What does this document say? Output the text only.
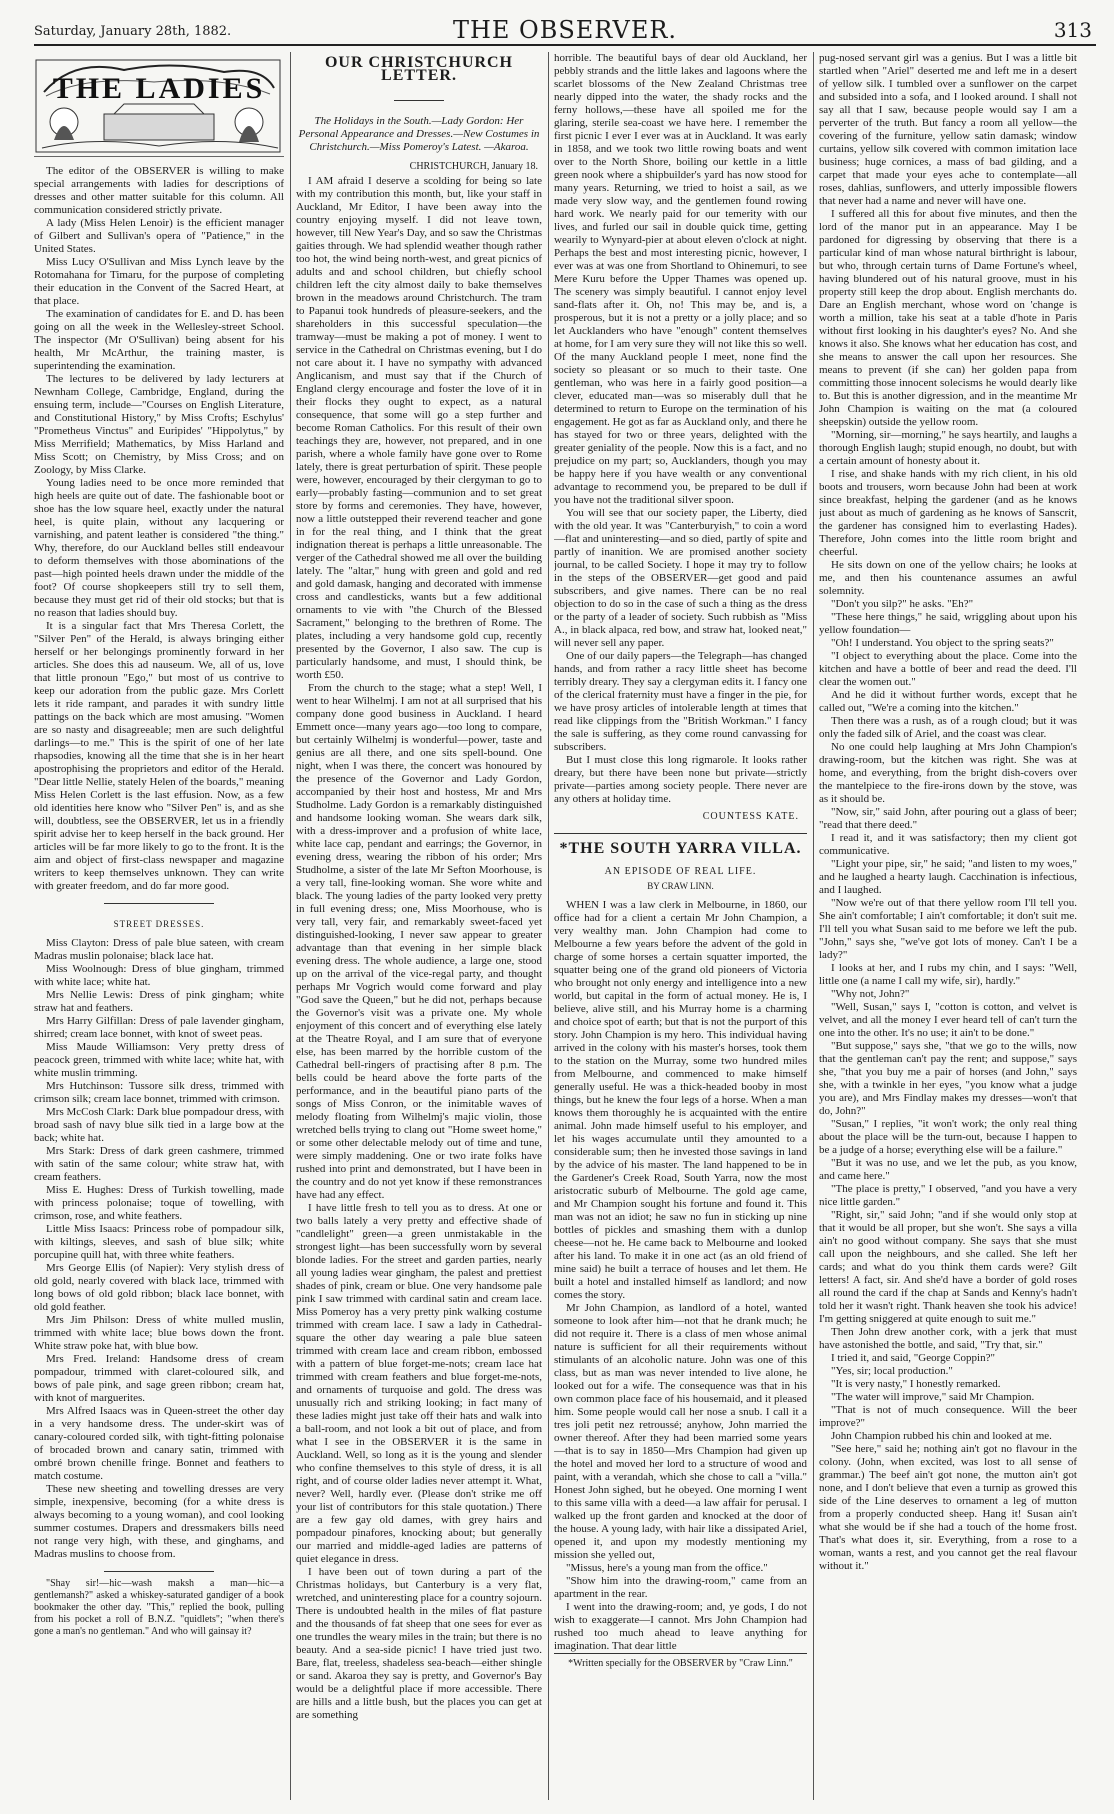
Saturday, January 28th, 1882.	THE OBSERVER.	313
THE LADIES

The editor of the OBSERVER is willing to make special arrangements with ladies for descriptions of dresses and other matter suitable for this column. All communication considered strictly private.

A lady (Miss Helen Lenoir) is the efficient manager of Gilbert and Sullivan's opera of "Patience," in the United States.

Miss Lucy O'Sullivan and Miss Lynch leave by the Rotomahana for Timaru, for the purpose of completing their education in the Convent of the Sacred Heart, at that place.

The examination of candidates for E. and D. has been going on all the week in the Wellesley-street School. The inspector (Mr O'Sullivan) being absent for his health, Mr McArthur, the training master, is superintending the examination.

The lectures to be delivered by lady lecturers at Newnham College, Cambridge, England, during the ensuing term, include—"Courses on English Literature, and Constitutional History," by Miss Crofts; Eschylus' "Prometheus Vinctus" and Euripides' "Hippolytus," by Miss Merrifield; Mathematics, by Miss Harland and Miss Scott; on Chemistry, by Miss Cross; and on Zoology, by Miss Clarke.

Young ladies need to be once more reminded that high heels are quite out of date. The fashionable boot or shoe has the low square heel, exactly under the natural heel, is quite plain, without any lacquering or varnishing, and patent leather is considered "the thing." Why, therefore, do our Auckland belles still endeavour to deform themselves with those abominations of the past—high pointed heels drawn under the middle of the foot? Of course shopkeepers still try to sell them, because they must get rid of their old stocks; but that is no reason that ladies should buy.

It is a singular fact that Mrs Theresa Corlett, the "Silver Pen" of the Herald, is always bringing either herself or her belongings prominently forward in her articles. She does this ad nauseum. We, all of us, love that little pronoun "Ego," but most of us contrive to keep our adoration from the public gaze. Mrs Corlett lets it ride rampant, and parades it with sundry little pattings on the back which are most amusing. "Women are so nasty and disagreeable; men are such delightful darlings—to me." This is the spirit of one of her late rhapsodies, knowing all the time that she is in her heart apostrophising the proprietors and editor of the Herald. "Dear little Nellie, stately Helen of the boards," meaning Miss Helen Corlett is the last effusion. Now, as a few old identities here know who "Silver Pen" is, and as she will, doubtless, see the OBSERVER, let us in a friendly spirit advise her to keep herself in the back ground. Her articles will be far more likely to go to the front. It is the aim and object of first-class newspaper and magazine writers to keep themselves unknown. They can write with greater freedom, and do far more good.

STREET DRESSES.

Miss Clayton: Dress of pale blue sateen, with cream Madras muslin polonaise; black lace hat.

Miss Woolnough: Dress of blue gingham, trimmed with white lace; white hat.

Mrs Nellie Lewis: Dress of pink gingham; white straw hat and feathers.

Mrs Harry Gilfillan: Dress of pale lavender gingham, shirred; cream lace bonnet, with knot of sweet peas.

Miss Maude Williamson: Very pretty dress of peacock green, trimmed with white lace; white hat, with white muslin trimming.

Mrs Hutchinson: Tussore silk dress, trimmed with crimson silk; cream lace bonnet, trimmed with crimson.

Mrs McCosh Clark: Dark blue pompadour dress, with broad sash of navy blue silk tied in a large bow at the back; white hat.

Mrs Stark: Dress of dark green cashmere, trimmed with satin of the same colour; white straw hat, with cream feathers.

Miss E. Hughes: Dress of Turkish towelling, made with princess polonaise; toque of towelling, with crimson, rose, and white feathers.

Little Miss Isaacs: Princess robe of pompadour silk, with kiltings, sleeves, and sash of blue silk; white porcupine quill hat, with three white feathers.

Mrs George Ellis (of Napier): Very stylish dress of old gold, nearly covered with black lace, trimmed with long bows of old gold ribbon; black lace bonnet, with old gold feather.

Mrs Jim Philson: Dress of white mulled muslin, trimmed with white lace; blue bows down the front. White straw poke hat, with blue bow.

Mrs Fred. Ireland: Handsome dress of cream pompadour, trimmed with claret-coloured silk, and bows of pale pink, and sage green ribbon; cream hat, with knot of marguerites.

Mrs Alfred Isaacs was in Queen-street the other day in a very handsome dress. The under-skirt was of canary-coloured corded silk, with tight-fitting polonaise of brocaded brown and canary satin, trimmed with ombré brown chenille fringe. Bonnet and feathers to match costume.

These new sheeting and towelling dresses are very simple, inexpensive, becoming (for a white dress is always becoming to a young woman), and cool looking summer costumes. Drapers and dressmakers bills need not range very high, with these, and ginghams, and Madras muslins to choose from.

"Shay sir!—hic—wash maksh a man—hic—a gentlemansh?" asked a whiskey-saturated gandiger of a book bookmaker the other day. "This," replied the book, pulling from his pocket a roll of B.N.Z. "quidlets"; "when there's gone a man's no gentleman." And who will gainsay it?

OUR CHRISTCHURCH LETTER.
The Holidays in the South.—Lady Gordon: Her Personal Appearance and Dresses.—New Costumes in Christchurch.—Miss Pomeroy's Latest. —Akaroa.
CHRISTCHURCH, January 18.

I AM afraid I deserve a scolding for being so late with my contribution this month, but, like your staff in Auckland, Mr Editor, I have been away into the country enjoying myself. I did not leave town, however, till New Year's Day, and so saw the Christmas gaities through. We had splendid weather though rather too hot, the wind being north-west, and great picnics of adults and and school children, but chiefly school children left the city almost daily to bake themselves brown in the meadows around Christchurch. The tram to Papanui took hundreds of pleasure-seekers, and the shareholders in this successful speculation—the tramway—must be making a pot of money. I went to service in the Cathedral on Christmas evening, but I do not care about it. I have no sympathy with advanced Anglicanism, and must say that if the Church of England clergy encourage and foster the love of it in their flocks they ought to expect, as a natural consequence, that some will go a step further and become Roman Catholics. For this result of their own teachings they are, however, not prepared, and in one parish, where a whole family have gone over to Rome lately, there is great perturbation of spirit. These people were, however, encouraged by their clergyman to go to early—probably fasting—communion and to set great store by forms and ceremonies. They have, however, now a little outstepped their reverend teacher and gone in for the real thing, and I think that the great indignation thereat is perhaps a little unreasonable. The verger of the Cathedral showed me all over the building lately. The "altar," hung with green and gold and red and gold damask, hanging and decorated with immense cross and candlesticks, wants but a few additional ornaments to vie with "the Church of the Blessed Sacrament," belonging to the brethren of Rome. The plates, including a very handsome gold cup, recently presented by the Governor, I also saw. The cup is particularly handsome, and must, I should think, be worth £50.

From the church to the stage; what a step! Well, I went to hear Wilhelmj. I am not at all surprised that his company done good business in Auckland. I heard Emmett once—many years ago—too long to compare, but certainly Wilhelmj is wonderful—power, taste and genius are all there, and one sits spell-bound. One night, when I was there, the concert was honoured by the presence of the Governor and Lady Gordon, accompanied by their host and hostess, Mr and Mrs Studholme. Lady Gordon is a remarkably distinguished and handsome looking woman. She wears dark silk, with a dress-improver and a profusion of white lace, white lace cap, pendant and earrings; the Governor, in evening dress, wearing the ribbon of his order; Mrs Studholme, a sister of the late Mr Sefton Moorhouse, is a very tall, fine-looking woman. She wore white and black. The young ladies of the party looked very pretty in full evening dress; one, Miss Moorhouse, who is very tall, very fair, and remarkably sweet-faced yet distinguished-looking, I never saw appear to greater advantage than that evening in her simple black evening dress. The whole audience, a large one, stood up on the arrival of the vice-regal party, and thought perhaps Mr Vogrich would come forward and play "God save the Queen," but he did not, perhaps because the Governor's visit was a private one. My whole enjoyment of this concert and of everything else lately at the Theatre Royal, and I am sure that of everyone else, has been marred by the horrible custom of the Cathedral bell-ringers of practising after 8 p.m. The bells could be heard above the forte parts of the performance, and in the beautiful piano parts of the songs of Miss Conron, or the inimitable waves of melody floating from Wilhelmj's majic violin, those wretched bells trying to clang out "Home sweet home," or some other delectable melody out of time and tune, were simply maddening. One or two irate folks have rushed into print and demonstrated, but I have been in the country and do not yet know if these remonstrances have had any effect.

I have little fresh to tell you as to dress. At one or two balls lately a very pretty and effective shade of "candlelight" green—a green unmistakable in the strongest light—has been successfully worn by several blonde ladies. For the street and garden parties, nearly all young ladies wear gingham, the palest and prettiest shades of pink, cream or blue. One very handsome pale pink I saw trimmed with cardinal satin and cream lace. Miss Pomeroy has a very pretty pink walking costume trimmed with cream lace. I saw a lady in Cathedral-square the other day wearing a pale blue sateen trimmed with cream lace and cream ribbon, embossed with a pattern of blue forget-me-nots; cream lace hat trimmed with cream feathers and blue forget-me-nots, and ornaments of turquoise and gold. The dress was unusually rich and striking looking; in fact many of these ladies might just take off their hats and walk into a ball-room, and not look a bit out of place, and from what I see in the OBSERVER it is the same in Auckland. Well, so long as it is the young and slender who confine themselves to this style of dress, it is all right, and of course older ladies never attempt it. What, never? Well, hardly ever. (Please don't strike me off your list of contributors for this stale quotation.) There are a few gay old dames, with grey hairs and pompadour pinafores, knocking about; but generally our married and middle-aged ladies are patterns of quiet elegance in dress.

I have been out of town during a part of the Christmas holidays, but Canterbury is a very flat, wretched, and uninteresting place for a country sojourn. There is undoubted health in the miles of flat pasture and the thousands of fat sheep that one sees for ever as one trundles the weary miles in the train; but there is no beauty. And a sea-side picnic! I have tried just two. Bare, flat, treeless, shadeless sea-beach—either shingle or sand. Akaroa they say is pretty, and Governor's Bay would be a delightful place if more accessible. There are hills and a little bush, but the places you can get at are something

horrible. The beautiful bays of dear old Auckland, her pebbly strands and the little lakes and lagoons where the scarlet blossoms of the New Zealand Christmas tree nearly dipped into the water, the shady rocks and the ferny hollows,—these have all spoiled me for the glaring, sterile sea-coast we have here. I remember the first picnic I ever I ever was at in Auckland. It was early in 1858, and we took two little rowing boats and went over to the North Shore, boiling our kettle in a little green nook where a shipbuilder's yard has now stood for many years. Returning, we tried to hoist a sail, as we made very slow way, and the gentlemen found rowing hard work. We nearly paid for our temerity with our lives, and furled our sail in double quick time, getting wearily to Wynyard-pier at about eleven o'clock at night. Perhaps the best and most interesting picnic, however, I ever was at was one from Shortland to Ohinemuri, to see Mere Kuru before the Upper Thames was opened up. The scenery was simply beautiful. I cannot enjoy level sand-flats after it. Oh, no! This may be, and is, a prosperous, but it is not a pretty or a jolly place; and so let Aucklanders who have "enough" content themselves at home, for I am very sure they will not like this so well. Of the many Auckland people I meet, none find the society so pleasant or so much to their taste. One gentleman, who was here in a fairly good position—a clever, educated man—was so miserably dull that he determined to return to Europe on the termination of his engagement. He got as far as Auckland only, and there he has stayed for two or three years, delighted with the greater geniality of the people. Now this is a fact, and no prejudice on my part; so, Aucklanders, though you may be happy here if you have wealth or any conventional advantage to recommend you, be prepared to be dull if you have not the traditional silver spoon.

You will see that our society paper, the Liberty, died with the old year. It was "Canterburyish," to coin a word—flat and uninteresting—and so died, partly of spite and partly of inanition. We are promised another society journal, to be called Society. I hope it may try to follow in the steps of the OBSERVER—get good and paid subscribers, and give names. There can be no real objection to do so in the case of such a thing as the dress or the party of a leader of society. Such rubbish as "Miss A., in black alpaca, red bow, and straw hat, looked neat," will never sell any paper.

One of our daily papers—the Telegraph—has changed hands, and from rather a racy little sheet has become terribly dreary. They say a clergyman edits it. I fancy one of the clerical fraternity must have a finger in the pie, for we have prosy articles of intolerable length at times that read like clippings from the "British Workman." I fancy the sale is suffering, as they come round canvassing for subscribers.

But I must close this long rigmarole. It looks rather dreary, but there have been none but private—strictly private—parties among society people. There never are any others at holiday time.

COUNTESS KATE.
*THE SOUTH YARRA VILLA.
AN EPISODE OF REAL LIFE.
BY CRAW LINN.

WHEN I was a law clerk in Melbourne, in 1860, our office had for a client a certain Mr John Champion, a very wealthy man. John Champion had come to Melbourne a few years before the advent of the gold in charge of some horses a certain squatter imported, the squatter being one of the grand old pioneers of Victoria who brought not only energy and intelligence into a new world, but capital in the form of actual money. He is, I believe, alive still, and his Murray home is a charming and choice spot of earth; but that is not the purport of this story. John Champion is my hero. This individual having arrived in the colony with his master's horses, took them to the station on the Murray, some two hundred miles from Melbourne, and commenced to make himself generally useful. He was a thick-headed booby in most things, but he knew the four legs of a horse. When a man knows them thoroughly he is acquainted with the entire animal. John made himself useful to his employer, and let his wages accumulate until they amounted to a considerable sum; then he invested those savings in land by the advice of his master. The land happened to be in the Gardener's Creek Road, South Yarra, now the most aristocratic suburb of Melbourne. The gold age came, and Mr Champion sought his fortune and found it. This man was not an idiot; he saw no fun in sticking up nine bottles of pickles and smashing them with a dunlop cheese—not he. He came back to Melbourne and looked after his land. To make it in one act (as an old friend of mine said) he built a terrace of houses and let them. He built a hotel and installed himself as landlord; and now comes the story.

Mr John Champion, as landlord of a hotel, wanted someone to look after him—not that he drank much; he did not require it. There is a class of men whose animal nature is sufficient for all their requirements without stimulants of an alcoholic nature. John was one of this class, but as man was never intended to live alone, he looked out for a wife. The consequence was that in his own common place face of his housemaid, and it pleased him. Some people would call her nose a snub. I call it a tres joli petit nez retroussé; anyhow, John married the owner thereof. After they had been married some years—that is to say in 1850—Mrs Champion had given up the hotel and moved her lord to a structure of wood and paint, with a verandah, which she chose to call a "villa." Honest John sighed, but he obeyed. One morning I went to this same villa with a deed—a law affair for perusal. I walked up the front garden and knocked at the door of the house. A young lady, with hair like a dissipated Ariel, opened it, and upon my modestly mentioning my mission she yelled out,

"Missus, here's a young man from the office."

"Show him into the drawing-room," came from an apartment in the rear.

I went into the drawing-room; and, ye gods, I do not wish to exaggerate—I cannot. Mrs John Champion had rushed too much ahead to leave anything for imagination. That dear little

*Written specially for the OBSERVER by "Craw Linn."

pug-nosed servant girl was a genius. But I was a little bit startled when "Ariel" deserted me and left me in a desert of yellow silk. I tumbled over a sunflower on the carpet and subsided into a sofa, and I looked around. I shall not say all that I saw, because people would say I am a perverter of the truth. But fancy a room all yellow—the covering of the furniture, yellow satin damask; window curtains, yellow silk covered with common imitation lace business; huge cornices, a mass of bad gilding, and a carpet that made your eyes ache to contemplate—all roses, dahlias, sunflowers, and utterly impossible flowers that never had a name and never will have one.

I suffered all this for about five minutes, and then the lord of the manor put in an appearance. May I be pardoned for digressing by observing that there is a particular kind of man whose natural birthright is labour, but who, through certain turns of Dame Fortune's wheel, having blundered out of his natural groove, must in his property still keep the drop about. English merchants do. Dare an English merchant, whose word on 'change is worth a million, take his seat at a table d'hote in Paris without first looking in his daughter's eyes? No. And she knows it also. She knows what her education has cost, and she means to answer the call upon her resources. She means to prevent (if she can) her golden papa from committing those innocent solecisms he would dearly like to. But this is another digression, and in the meantime Mr John Champion is waiting on the mat (a coloured sheepskin) outside the yellow room.

"Morning, sir—morning," he says heartily, and laughs a thorough English laugh; stupid enough, no doubt, but with a certain amount of honesty about it.

I rise, and shake hands with my rich client, in his old boots and trousers, worn because John had been at work since breakfast, helping the gardener (and as he knows just about as much of gardening as he knows of Sanscrit, the gardener has consigned him to everlasting Hades). Therefore, John comes into the little room bright and cheerful.

He sits down on one of the yellow chairs; he looks at me, and then his countenance assumes an awful solemnity.

"Don't you silp?" he asks. "Eh?"

"These here things," he said, wriggling about upon his yellow foundation—

"Oh! I understand. You object to the spring seats?"

"I object to everything about the place. Come into the kitchen and have a bottle of beer and read the deed. I'll clear the women out."

And he did it without further words, except that he called out, "We're a coming into the kitchen."

Then there was a rush, as of a rough cloud; but it was only the faded silk of Ariel, and the coast was clear.

No one could help laughing at Mrs John Champion's drawing-room, but the kitchen was right. She was at home, and everything, from the bright dish-covers over the mantelpiece to the fire-irons down by the stove, was as it should be.

"Now, sir," said John, after pouring out a glass of beer; "read that there deed."

I read it, and it was satisfactory; then my client got communicative.

"Light your pipe, sir," he said; "and listen to my woes," and he laughed a hearty laugh. Cacchination is infectious, and I laughed.

"Now we're out of that there yellow room I'll tell you. She ain't comfortable; I ain't comfortable; it don't suit me. I'll tell you what Susan said to me before we left the pub. "John," says she, "we've got lots of money. Can't I be a lady?"

I looks at her, and I rubs my chin, and I says: "Well, little one (a name I call my wife, sir), hardly."

"Why not, John?"

"Well, Susan," says I, "cotton is cotton, and velvet is velvet, and all the money I ever heard tell of can't turn the one into the other. It's no use; it ain't to be done."

"But suppose," says she, "that we go to the wills, now that the gentleman can't pay the rent; and suppose," says she, "that you buy me a pair of horses (and John," says she, with a twinkle in her eyes, "you know what a judge you are), and Mrs Findlay makes my dresses—won't that do, John?"

"Susan," I replies, "it won't work; the only real thing about the place will be the turn-out, because I happen to be a judge of a horse; everything else will be a failure."

"But it was no use, and we let the pub, as you know, and came here."

"The place is pretty," I observed, "and you have a very nice little garden."

"Right, sir," said John; "and if she would only stop at that it would be all proper, but she won't. She says a villa ain't no good without company. She says that she must call upon the neighbours, and she called. She left her cards; and what do you think them cards were? Gilt letters! A fact, sir. And she'd have a border of gold roses all round the card if the chap at Sands and Kenny's hadn't told her it wasn't right. Thank heaven she took his advice! I'm getting sniggered at quite enough to suit me."

Then John drew another cork, with a jerk that must have astonished the bottle, and said, "Try that, sir."

I tried it, and said, "George Coppin?"

"Yes, sir; local production."

"It is very nasty," I honestly remarked.

"The water will improve," said Mr Champion.

"That is not of much consequence. Will the beer improve?"

John Champion rubbed his chin and looked at me.

"See here," said he; nothing ain't got no flavour in the colony. (John, when excited, was lost to all sense of grammar.) The beef ain't got none, the mutton ain't got none, and I don't believe that even a turnip as growed this side of the Line deserves to ornament a leg of mutton from a properly conducted sheep. Hang it! Susan ain't what she would be if she had a touch of the home frost. That's what does it, sir. Everything, from a rose to a woman, wants a rest, and you cannot get the real flavour without it."
